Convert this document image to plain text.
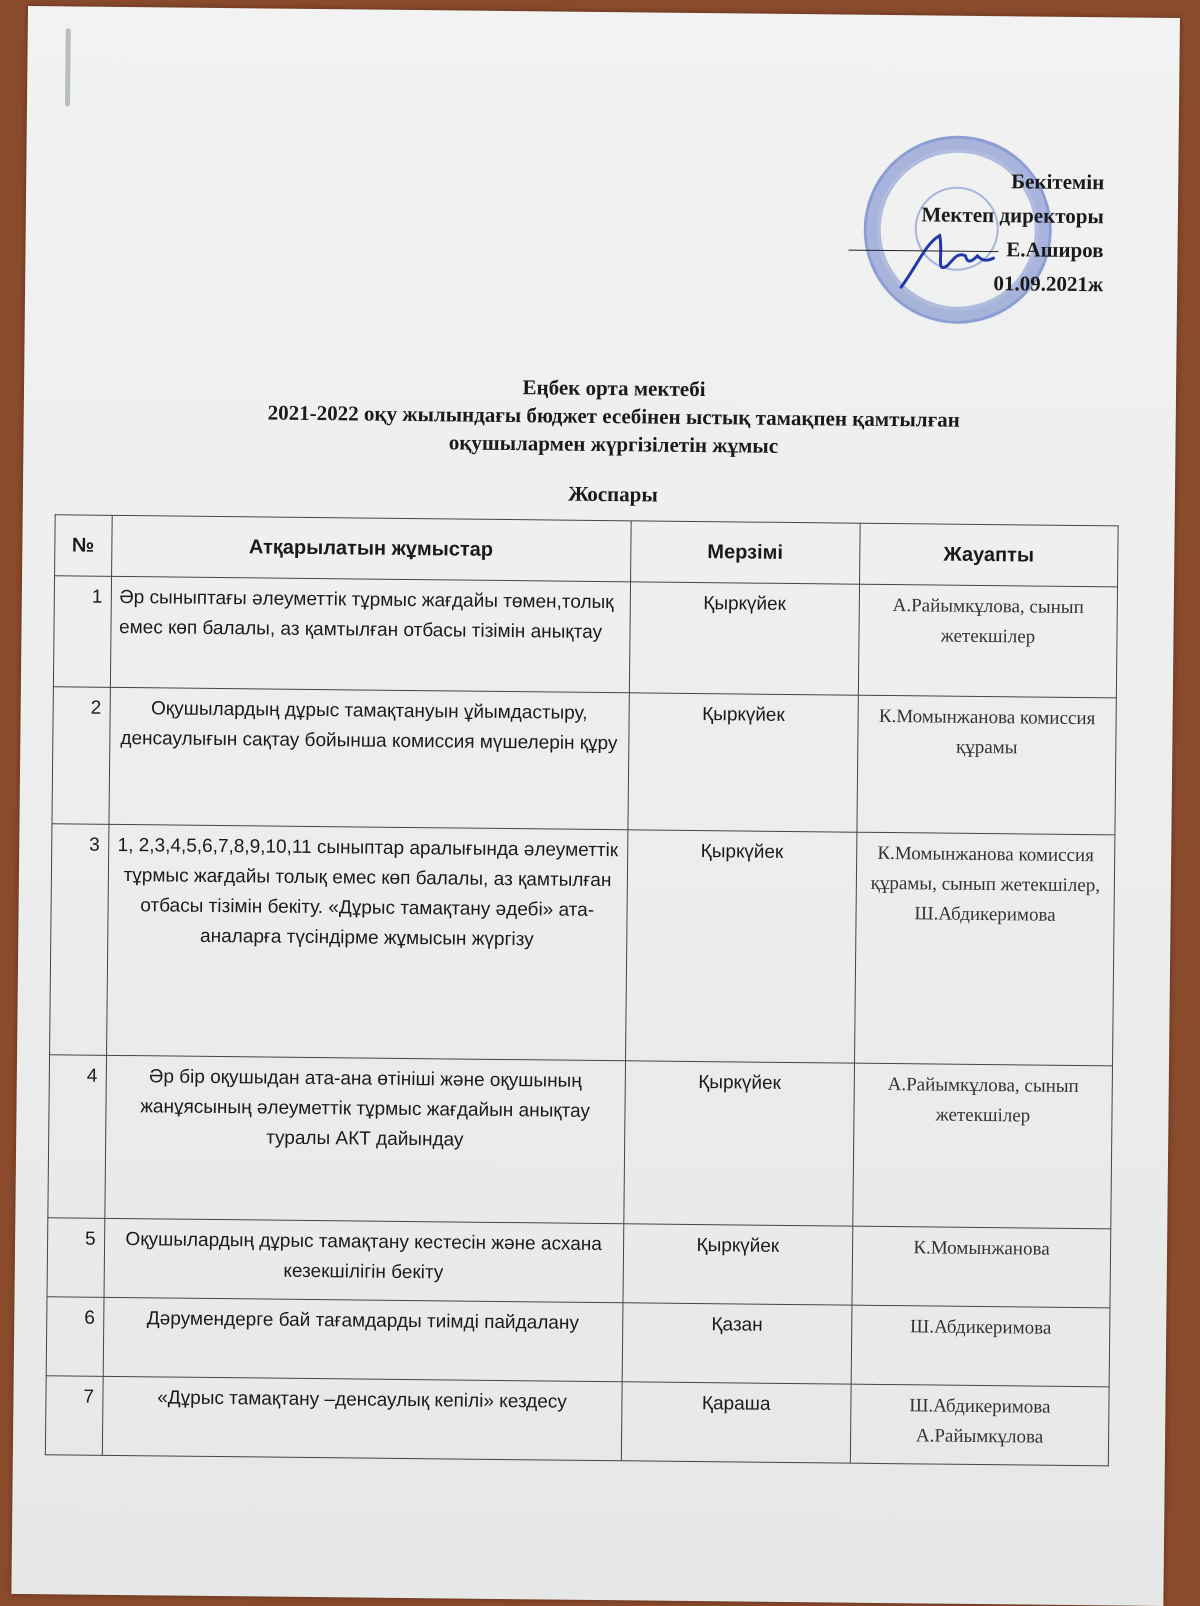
Бекітемін
Мектеп директоры
Е.Аширов
01.09.2021ж
Еңбек орта мектебі
2021-2022 оқу жылындағы бюджет есебінен ыстық тамақпен қамтылған
оқушылармен жүргізілетін жұмыс
Жоспары
№	Атқарылатын жұмыстар	Мерзімі	Жауапты
1	Әр сыныптағы әлеуметтік тұрмыс жағдайы төмен,толық емес көп балалы, аз қамтылған отбасы тізімін анықтау	Қыркүйек	А.Райымкұлова, сынып жетекшілер
2	Оқушылардың дұрыс тамақтануын ұйымдастыру, денсаулығын сақтау бойынша комиссия мүшелерін құру	Қыркүйек	К.Момынжанова комиссия құрамы
3	1, 2,3,4,5,6,7,8,9,10,11 сыныптар аралығында әлеуметтік тұрмыс жағдайы толық емес көп балалы, аз қамтылған отбасы тізімін бекіту. «Дұрыс тамақтану әдебі» ата-аналарға түсіндірме жұмысын жүргізу	Қыркүйек	К.Момынжанова комиссия құрамы, сынып жетекшілер, Ш.Абдикеримова
4	Әр бір оқушыдан ата-ана өтініші және оқушының жанұясының әлеуметтік тұрмыс жағдайын анықтау туралы АКТ дайындау	Қыркүйек	А.Райымкұлова, сынып жетекшілер
5	Оқушылардың дұрыс тамақтану кестесін және асхана кезекшілігін бекіту	Қыркүйек	К.Момынжанова
6	Дәрумендерге бай тағамдарды тиімді пайдалану	Қазан	Ш.Абдикеримова
7	«Дұрыс тамақтану –денсаулық кепілі» кездесу	Қараша	Ш.Абдикеримова А.Райымкұлова
